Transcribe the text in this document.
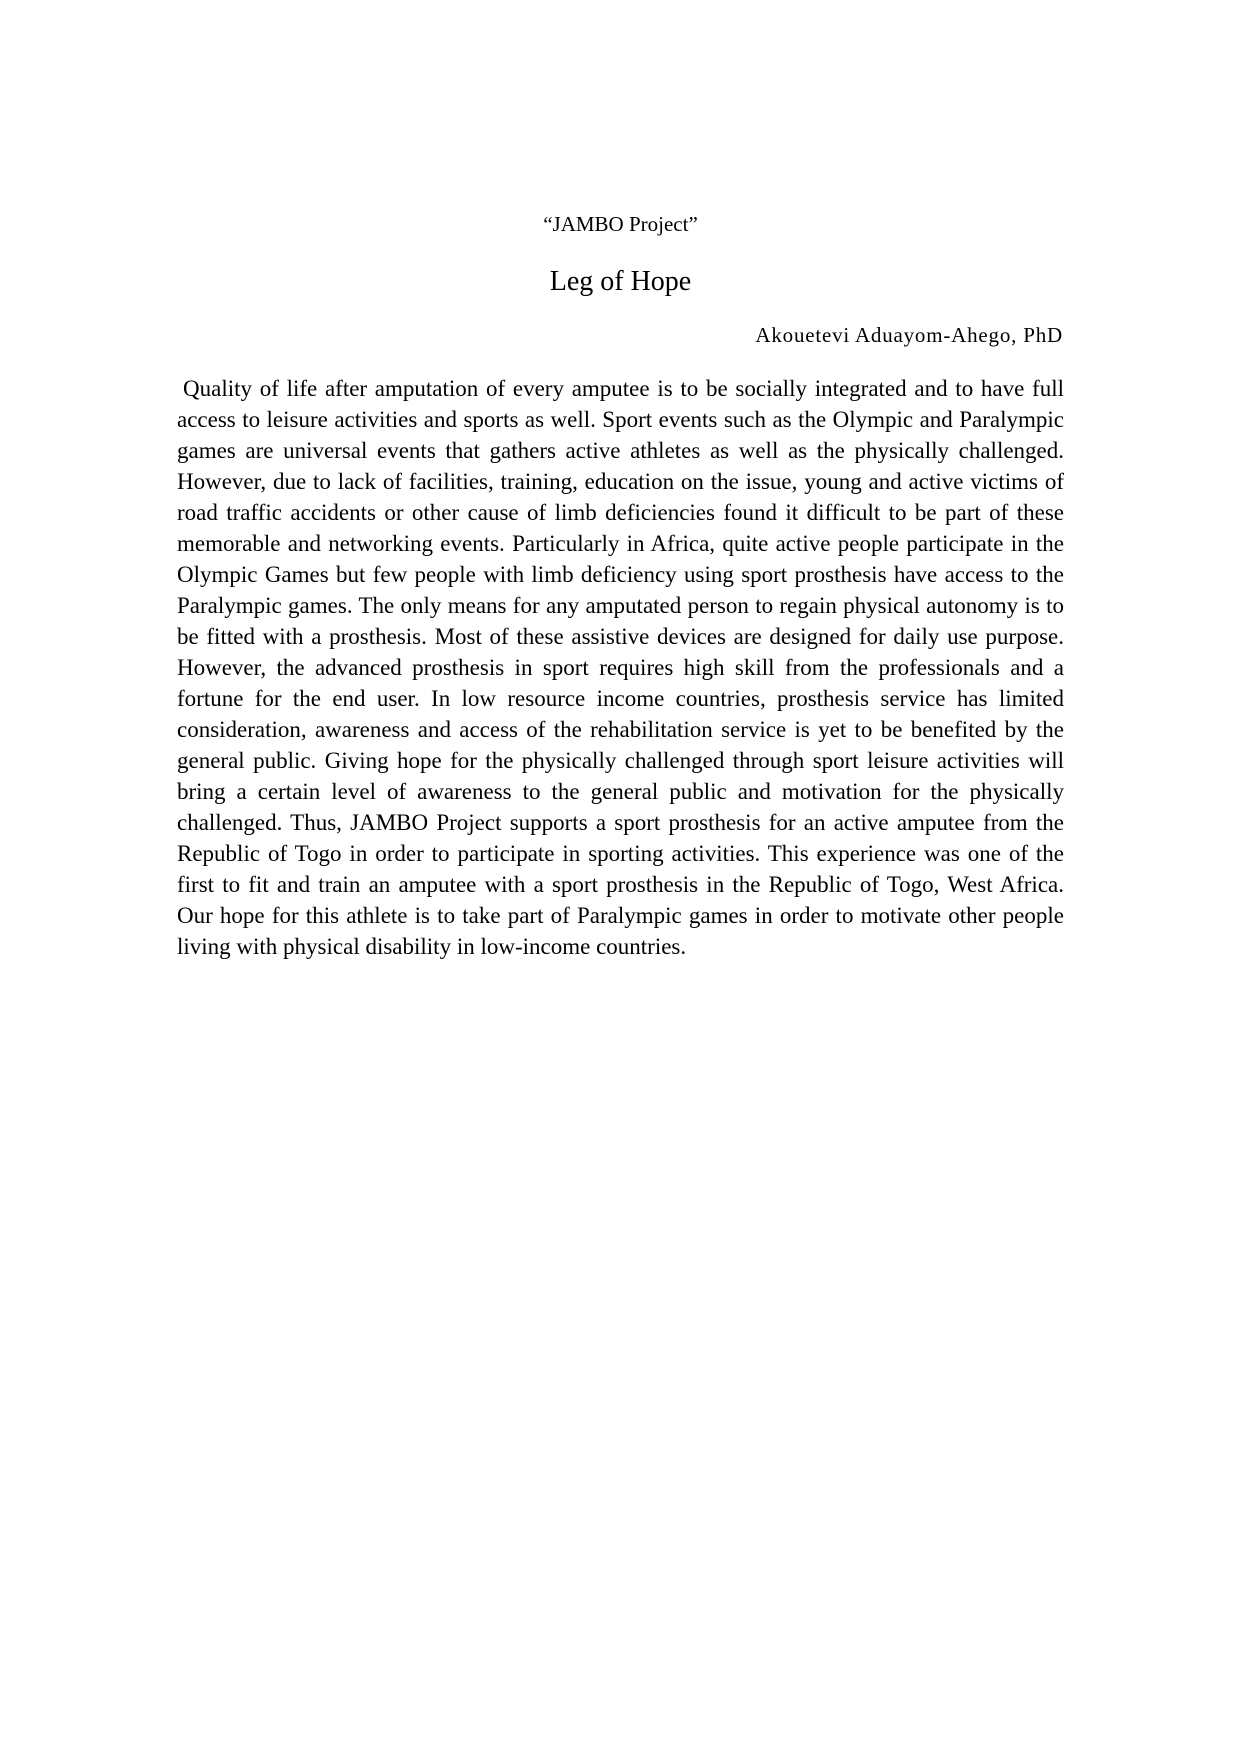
“JAMBO Project”
Leg of Hope
Akouetevi Aduayom-Ahego, PhD

Quality of life after amputation of every amputee is to be socially integrated and to have full access to leisure activities and sports as well. Sport events such as the Olympic and Paralympic games are universal events that gathers active athletes as well as the physically challenged. However, due to lack of facilities, training, education on the issue, young and active victims of road traffic accidents or other cause of limb deficiencies found it difficult to be part of these memorable and networking events. Particularly in Africa, quite active people participate in the Olympic Games but few people with limb deficiency using sport prosthesis have access to the Paralympic games. The only means for any amputated person to regain physical autonomy is to be fitted with a prosthesis. Most of these assistive devices are designed for daily use purpose. However, the advanced prosthesis in sport requires high skill from the professionals and a fortune for the end user. In low resource income countries, prosthesis service has limited consideration, awareness and access of the rehabilitation service is yet to be benefited by the general public. Giving hope for the physically challenged through sport leisure activities will bring a certain level of awareness to the general public and motivation for the physically challenged. Thus, JAMBO Project supports a sport prosthesis for an active amputee from the Republic of Togo in order to participate in sporting activities. This experience was one of the first to fit and train an amputee with a sport prosthesis in the Republic of Togo, West Africa. Our hope for this athlete is to take part of Paralympic games in order to motivate other people living with physical disability in low-income countries.
